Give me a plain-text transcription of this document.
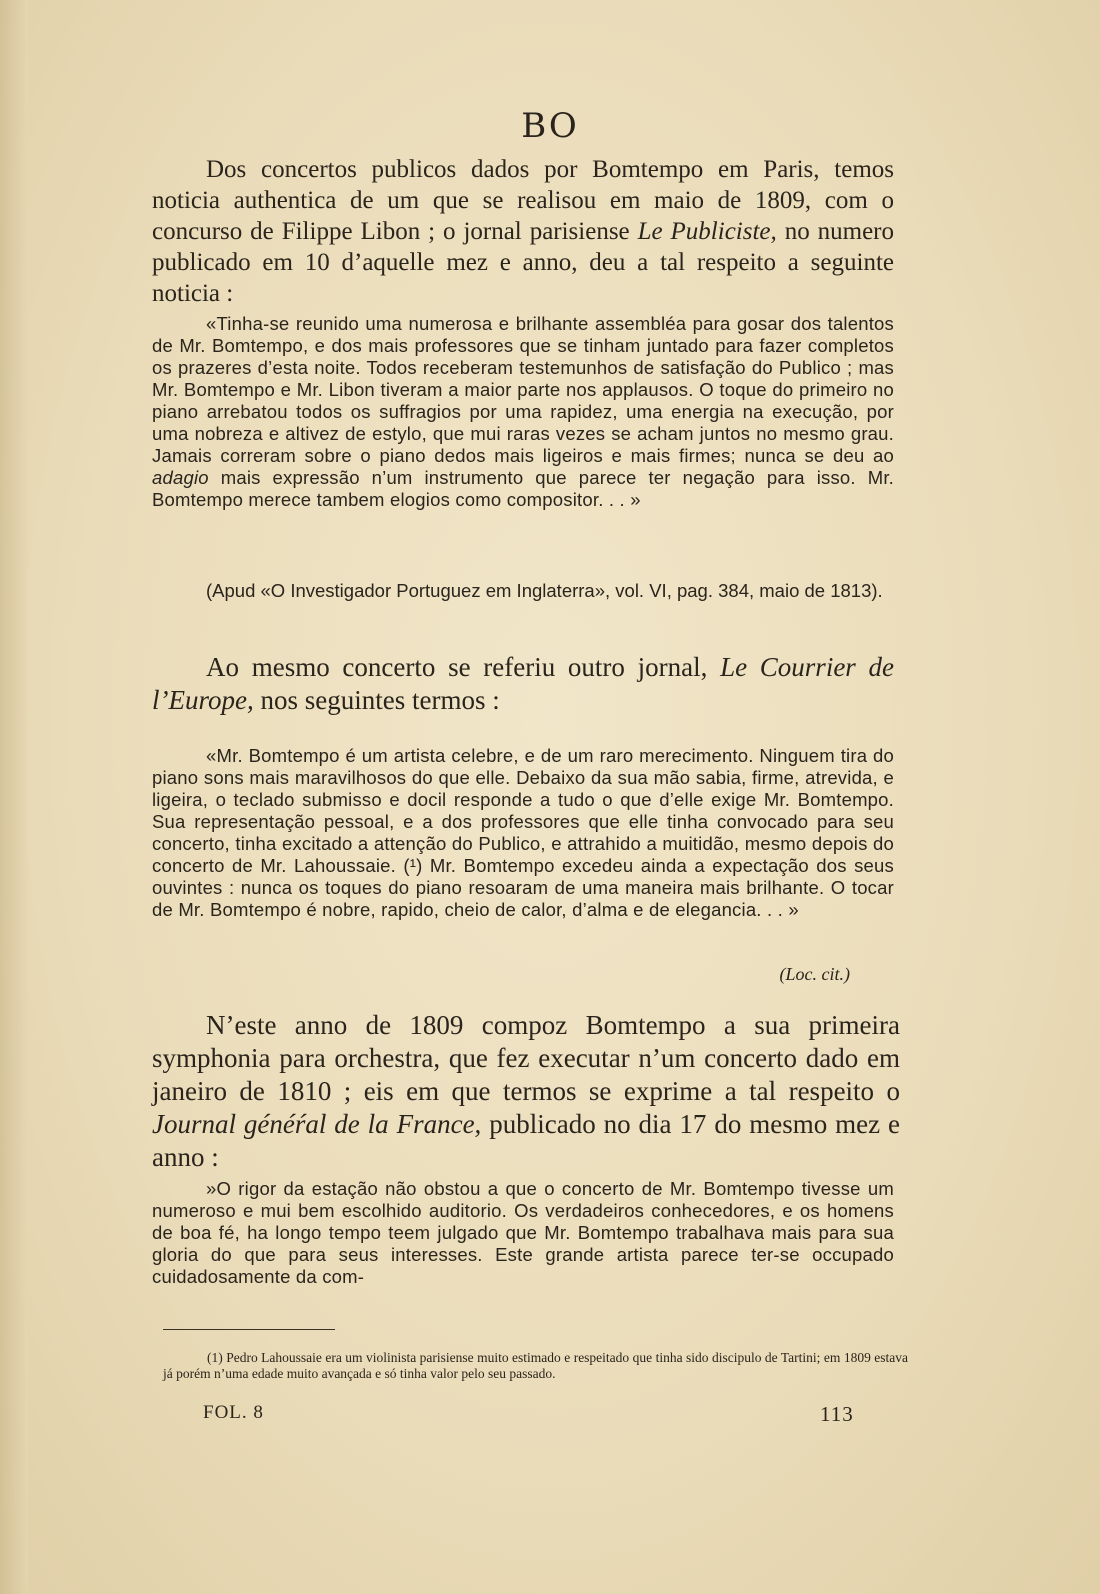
BO

Dos concertos publicos dados por Bomtempo em Paris, temos noticia authentica de um que se realisou em maio de 1809, com o concurso de Filippe Libon ; o jornal parisiense Le Publiciste, no numero publicado em 10 d’aquelle mez e anno, deu a tal respeito a seguinte noticia :

«Tinha-se reunido uma numerosa e brilhante assembléa para gosar dos talentos de Mr. Bomtempo, e dos mais professores que se tinham juntado para fazer completos os prazeres d’esta noite. Todos receberam testemunhos de satisfação do Publico ; mas Mr. Bomtempo e Mr. Libon tiveram a maior parte nos applausos. O toque do primeiro no piano arrebatou todos os suffragios por uma rapidez, uma energia na execução, por uma nobreza e altivez de estylo, que mui raras vezes se acham juntos no mesmo grau. Jamais correram sobre o piano dedos mais ligeiros e mais firmes; nunca se deu ao adagio mais expressão n’um instrumento que parece ter negação para isso. Mr. Bomtempo merece tambem elogios como compositor. . . »

(Apud «O Investigador Portuguez em Inglaterra», vol. VI, pag. 384, maio de 1813).

Ao mesmo concerto se referiu outro jornal, Le Courrier de l’Europe, nos seguintes termos :

«Mr. Bomtempo é um artista celebre, e de um raro merecimento. Ninguem tira do piano sons mais maravilhosos do que elle. Debaixo da sua mão sabia, firme, atrevida, e ligeira, o teclado submisso e docil responde a tudo o que d’elle exige Mr. Bomtempo. Sua representação pessoal, e a dos professores que elle tinha convocado para seu concerto, tinha excitado a attenção do Publico, e attrahido a muitidão, mesmo depois do concerto de Mr. Lahoussaie. (¹) Mr. Bomtempo excedeu ainda a expectação dos seus ouvintes : nunca os toques do piano resoaram de uma maneira mais brilhante. O tocar de Mr. Bomtempo é nobre, rapido, cheio de calor, d’alma e de elegancia. . . »

(Loc. cit.)

N’este anno de 1809 compoz Bomtempo a sua primeira symphonia para orchestra, que fez executar n’um concerto dado em janeiro de 1810 ; eis em que termos se exprime a tal respeito o Journal généŕal de la France, publicado no dia 17 do mesmo mez e anno :

»O rigor da estação não obstou a que o concerto de Mr. Bomtempo tivesse um numeroso e mui bem escolhido auditorio. Os verdadeiros conhecedores, e os homens de boa fé, ha longo tempo teem julgado que Mr. Bomtempo trabalhava mais para sua gloria do que para seus interesses. Este grande artista parece ter-se occupado cuidadosamente da com-

(1) Pedro Lahoussaie era um violinista parisiense muito estimado e respeitado que tinha sido discipulo de Tartini; em 1809 estava já porém n’uma edade muito avançada e só tinha valor pelo seu passado.

FOL. 8	113
